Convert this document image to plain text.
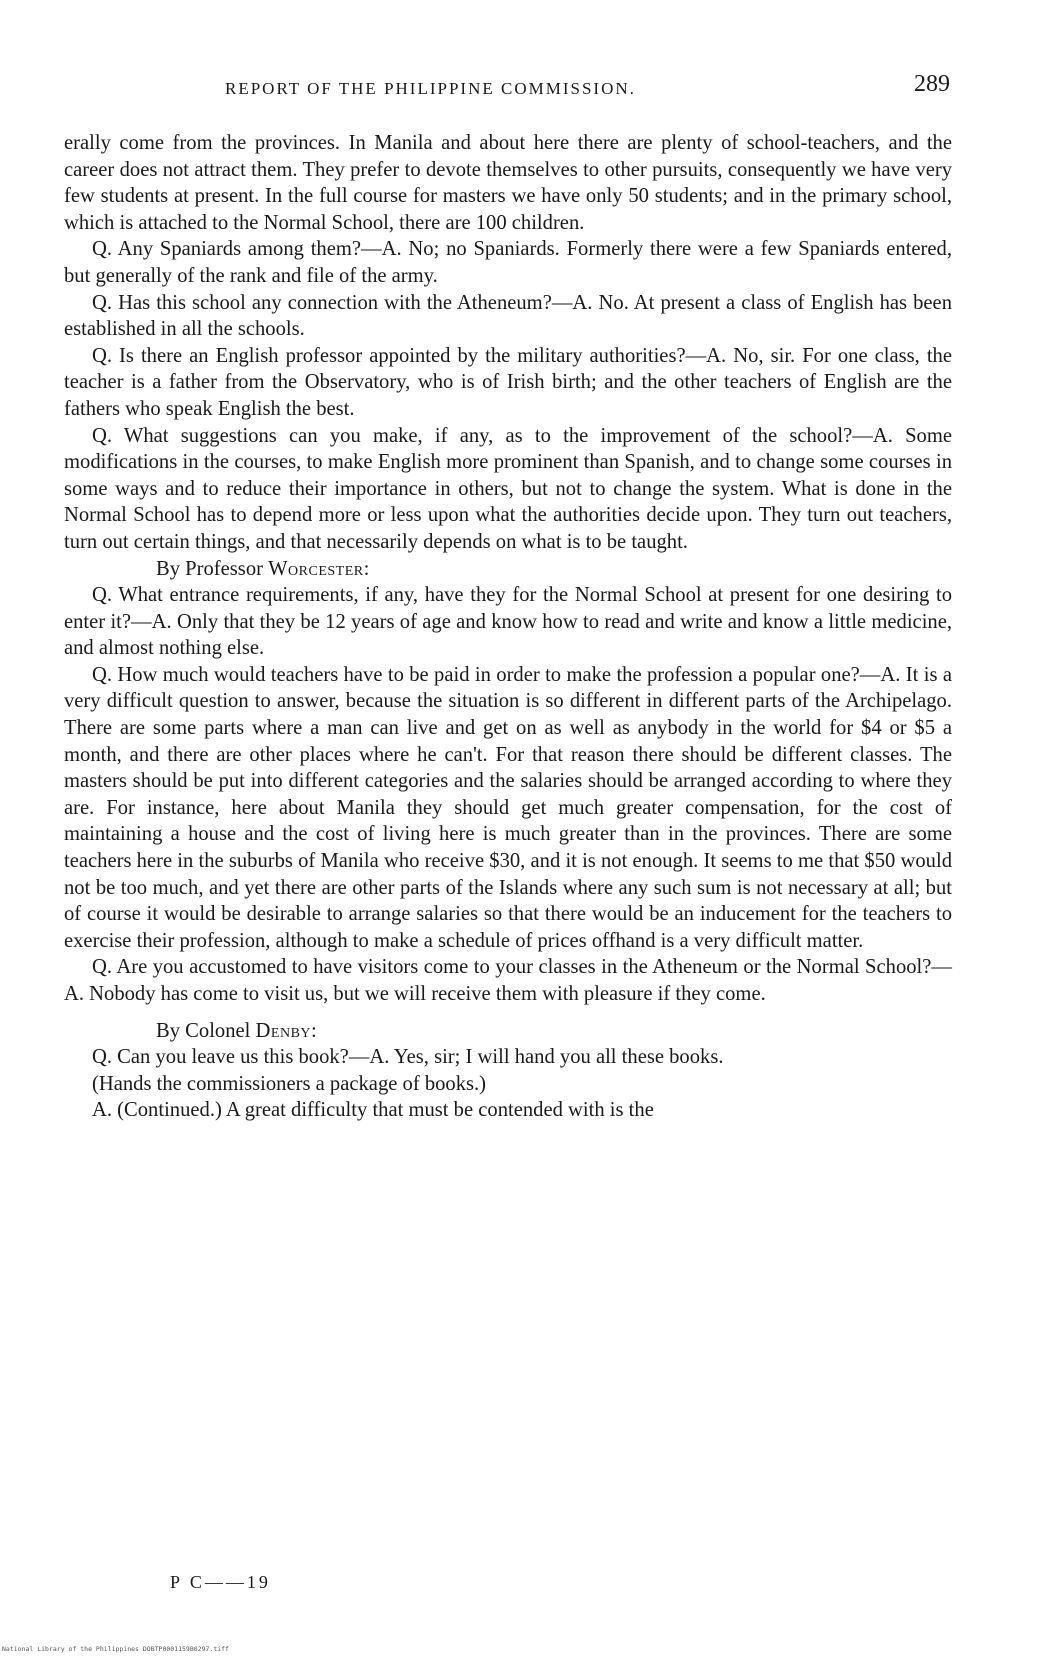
REPORT OF THE PHILIPPINE COMMISSION.	289

erally come from the provinces. In Manila and about here there are plenty of school-teachers, and the career does not attract them. They prefer to devote themselves to other pursuits, consequently we have very few students at present. In the full course for masters we have only 50 students; and in the primary school, which is attached to the Normal School, there are 100 children.

Q. Any Spaniards among them?—A. No; no Spaniards. Formerly there were a few Spaniards entered, but generally of the rank and file of the army.

Q. Has this school any connection with the Atheneum?—A. No. At present a class of English has been established in all the schools.

Q. Is there an English professor appointed by the military authorities?—A. No, sir. For one class, the teacher is a father from the Observatory, who is of Irish birth; and the other teachers of English are the fathers who speak English the best.

Q. What suggestions can you make, if any, as to the improvement of the school?—A. Some modifications in the courses, to make English more prominent than Spanish, and to change some courses in some ways and to reduce their importance in others, but not to change the system. What is done in the Normal School has to depend more or less upon what the authorities decide upon. They turn out teachers, turn out certain things, and that necessarily depends on what is to be taught.

By Professor Worcester:

Q. What entrance requirements, if any, have they for the Normal School at present for one desiring to enter it?—A. Only that they be 12 years of age and know how to read and write and know a little medicine, and almost nothing else.

Q. How much would teachers have to be paid in order to make the profession a popular one?—A. It is a very difficult question to answer, because the situation is so different in different parts of the Archipelago. There are some parts where a man can live and get on as well as anybody in the world for $4 or $5 a month, and there are other places where he can't. For that reason there should be different classes. The masters should be put into different categories and the salaries should be arranged according to where they are. For instance, here about Manila they should get much greater compensation, for the cost of maintaining a house and the cost of living here is much greater than in the provinces. There are some teachers here in the suburbs of Manila who receive $30, and it is not enough. It seems to me that $50 would not be too much, and yet there are other parts of the Islands where any such sum is not necessary at all; but of course it would be desirable to arrange salaries so that there would be an inducement for the teachers to exercise their profession, although to make a schedule of prices offhand is a very difficult matter.

Q. Are you accustomed to have visitors come to your classes in the Atheneum or the Normal School?—A. Nobody has come to visit us, but we will receive them with pleasure if they come.

By Colonel Denby:

Q. Can you leave us this book?—A. Yes, sir; I will hand you all these books.

(Hands the commissioners a package of books.)

A. (Continued.) A great difficulty that must be contended with is the

P C——19
National Library of the Philippines DOBTP0001159B0297.tiff
